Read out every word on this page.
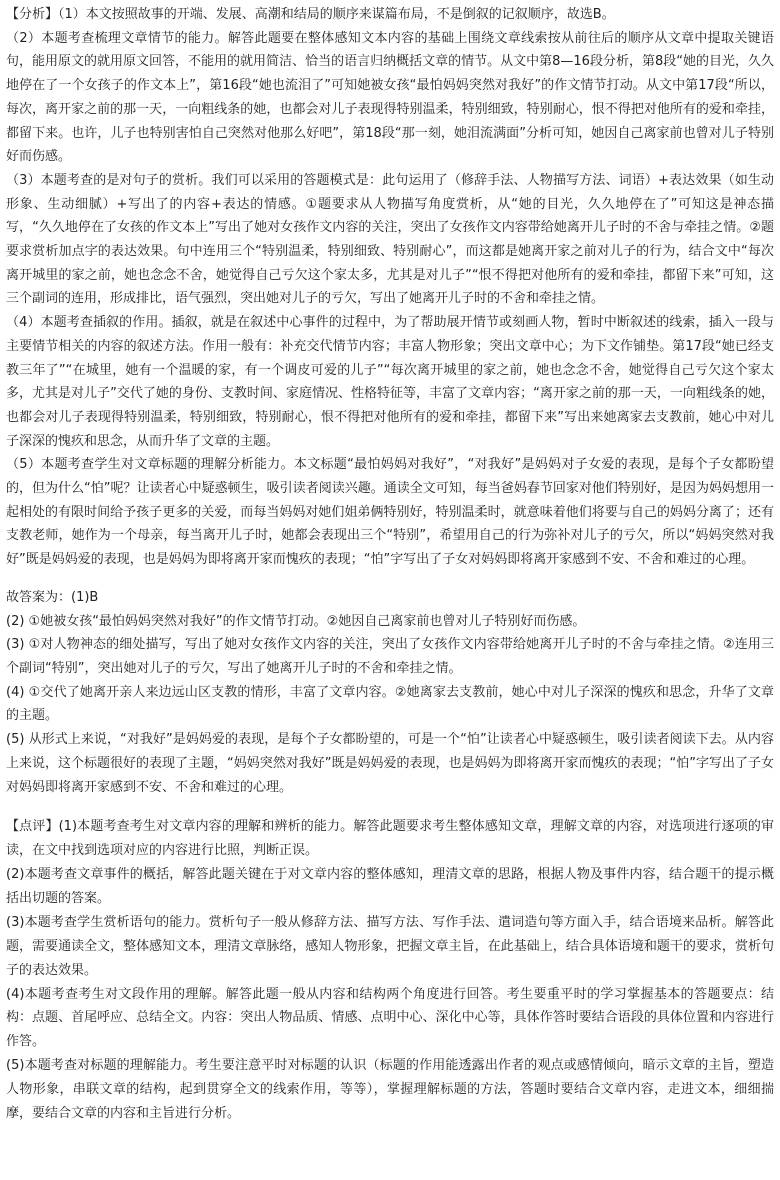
【分析】（1）本文按照故事的开端、发展、高潮和结局的顺序来谋篇布局，不是倒叙的记叙顺序，故选B。

（2）本题考查梳理文章情节的能力。解答此题要在整体感知文本内容的基础上围绕文章线索按从前往后的顺序从文章中提取关键语句，能用原文的就用原文回答，不能用的就用简洁、恰当的语言归纳概括文章的情节。从文中第8—16段分析，第8段“她的目光，久久地停在了一个女孩子的作文本上”，第16段“她也流泪了”可知她被女孩“最怕妈妈突然对我好”的作文情节打动。从文中第17段“所以，每次，离开家之前的那一天，一向粗线条的她，也都会对儿子表现得特别温柔，特别细致，特别耐心，恨不得把对他所有的爱和牵挂，都留下来。也许，儿子也特别害怕自己突然对他那么好吧”，第18段“那一刻，她泪流满面”分析可知，她因自己离家前也曾对儿子特别好而伤感。

（3）本题考查的是对句子的赏析。我们可以采用的答题模式是：此句运用了（修辞手法、人物描写方法、词语）+表达效果（如生动形象、生动细腻）+写出了的内容+表达的情感。①题要求从人物描写角度赏析，从“她的目光，久久地停在了”可知这是神态描写，“久久地停在了女孩的作文本上”写出了她对女孩作文内容的关注，突出了女孩作文内容带给她离开儿子时的不舍与牵挂之情。②题要求赏析加点字的表达效果。句中连用三个“特别温柔，特别细致、特别耐心”，而这都是她离开家之前对儿子的行为，结合文中“每次离开城里的家之前，她也念念不舍，她觉得自己亏欠这个家太多，尤其是对儿子”“恨不得把对他所有的爱和牵挂，都留下来”可知，这三个副词的连用，形成排比，语气强烈，突出她对儿子的亏欠，写出了她离开儿子时的不舍和牵挂之情。

（4）本题考查插叙的作用。插叙，就是在叙述中心事件的过程中，为了帮助展开情节或刻画人物，暂时中断叙述的线索，插入一段与主要情节相关的内容的叙述方法。作用一般有：补充交代情节内容；丰富人物形象；突出文章中心；为下文作铺垫。第17段“她已经支教三年了”“在城里，她有一个温暖的家，有一个调皮可爱的儿子”“每次离开城里的家之前，她也念念不舍，她觉得自己亏欠这个家太多，尤其是对儿子”交代了她的身份、支教时间、家庭情况、性格特征等，丰富了文章内容；“离开家之前的那一天，一向粗线条的她，也都会对儿子表现得特别温柔，特别细致，特别耐心，恨不得把对他所有的爱和牵挂，都留下来”写出来她离家去支教前，她心中对儿子深深的愧疚和思念，从而升华了文章的主题。

（5）本题考查学生对文章标题的理解分析能力。本文标题“最怕妈妈对我好”，“对我好”是妈妈对子女爱的表现，是每个子女都盼望的，但为什么“怕”呢？让读者心中疑惑顿生，吸引读者阅读兴趣。通读全文可知，每当爸妈春节回家对他们特别好，是因为妈妈想用一起相处的有限时间给予孩子更多的关爱，而每当妈妈对她们姐弟俩特别好，特别温柔时，就意味着他们将要与自己的妈妈分离了；还有支教老师，她作为一个母亲，每当离开儿子时，她都会表现出三个“特别”，希望用自己的行为弥补对儿子的亏欠，所以“妈妈突然对我好”既是妈妈爱的表现，也是妈妈为即将离开家而愧疚的表现；“怕”字写出了子女对妈妈即将离开家感到不安、不舍和难过的心理。

故答案为：(1)B

(2) ①她被女孩“最怕妈妈突然对我好”的作文情节打动。②她因自己离家前也曾对儿子特别好而伤感。

(3) ①对人物神态的细处描写，写出了她对女孩作文内容的关注，突出了女孩作文内容带给她离开儿子时的不舍与牵挂之情。②连用三个副词“特别”，突出她对儿子的亏欠，写出了她离开儿子时的不舍和牵挂之情。

(4) ①交代了她离开亲人来边远山区支教的情形，丰富了文章内容。②她离家去支教前，她心中对儿子深深的愧疚和思念，升华了文章的主题。

(5) 从形式上来说，“对我好”是妈妈爱的表现，是每个子女都盼望的，可是一个“怕”让读者心中疑惑顿生，吸引读者阅读下去。从内容上来说，这个标题很好的表现了主题，“妈妈突然对我好”既是妈妈爱的表现，也是妈妈为即将离开家而愧疚的表现；“怕”字写出了子女对妈妈即将离开家感到不安、不舍和难过的心理。

【点评】(1)本题考查考生对文章内容的理解和辨析的能力。解答此题要求考生整体感知文章，理解文章的内容，对选项进行逐项的审读，在文中找到选项对应的内容进行比照，判断正误。

(2)本题考查文章事件的概括，解答此题关键在于对文章内容的整体感知，理清文章的思路，根据人物及事件内容，结合题干的提示概括出切题的答案。

(3)本题考查学生赏析语句的能力。赏析句子一般从修辞方法、描写方法、写作手法、遣词造句等方面入手，结合语境来品析。解答此题，需要通读全文，整体感知文本，理清文章脉络，感知人物形象，把握文章主旨，在此基础上，结合具体语境和题干的要求，赏析句子的表达效果。

(4)本题考查考生对文段作用的理解。解答此题一般从内容和结构两个角度进行回答。考生要重平时的学习掌握基本的答题要点：结构：点题、首尾呼应、总结全文。内容：突出人物品质、情感、点明中心、深化中心等，具体作答时要结合语段的具体位置和内容进行作答。

(5)本题考查对标题的理解能力。考生要注意平时对标题的认识（标题的作用能透露出作者的观点或感情倾向，暗示文章的主旨，塑造人物形象，串联文章的结构，起到贯穿全文的线索作用，等等），掌握理解标题的方法，答题时要结合文章内容，走进文本，细细揣摩，要结合文章的内容和主旨进行分析。
